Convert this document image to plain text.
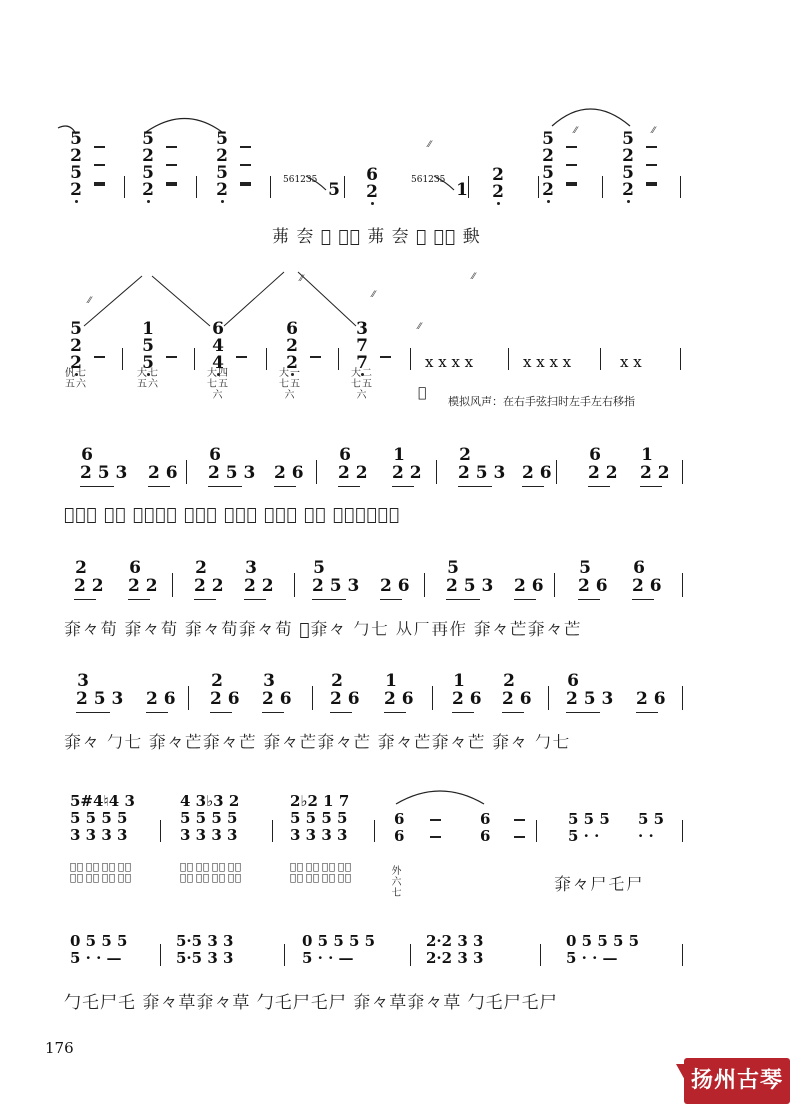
5
2
5
2
5
2
5
2
5
2
5
2
5
2
5
2
5
2
5
2
6
2
2
2
5	1
561235	561235
5
2
2
1
5
5
6
4
4
6
2
2
3
7
7	x x x x	x x x x	x x
𠆩七五六
大七五六
大四七五六
大一七五六
大二七五六
6
2 5 3 2 6
6
2 5 3 2 6
6
2 2
1
2 2
2
2 5 3 2 6
6
2 2
1
2 2
2
2 2
6
2 2
2
2 2
3
2 2
5
2 5 3 2 6
5
2 5 3 2 6
5
2 6
6
2 6
3
2 5 3 2 6
2
2 6
3
2 6
2
2 6
1
2 6
1
2 6
2
2 6
6
2 5 3 2 6
5#4♮4 3
5 5 5 5
3 3 3 3
4 3♭3 2
5 5 5 5
3 3 3 3
2♭2 1 7
5 5 5 5
3 3 3 3
6
6
6
6
5 5 5
5 · ·
5 5
· ·
𡙛七七室
𡙛七七室
𡙛七七室
𡙛七七室
𡙛七七室
𡙛七七室
𡙛七七室
𡙛七七室
𡙛七七室
𡙛七七室
𡙛七七室
𡙛七七室
外六七
0 5 5 5
5 · · —
5·5 3 3
5·5 3 3
0 5 5 5 5
5 · · —
2·2 3 3
2·2 3 3
0 5 5 5 5
5 · · —
⁄⁄
⁄⁄
⁄⁄	⁄⁄
⁄⁄
⁄⁄
⁄⁄
⁄⁄
茀 夽 𡙛 𩇩𠚤 茀 夽 𡙛 𩇩𠚤 𡙇
模拟风声：在右手弦扫时左手左右移指
𡙛
𡙛𩇩𠚤 勹七 从厂再作 𩇩𠚤荀 𩇩𠚤荀 𩇩𠚤𠚤 勹七 𩇩𠚤荀𩇩𠚤荀
𩇩𠚤荀 𩇩𠚤荀 𩇩𠚤荀𩇩𠚤荀 𡙛𩇩𠚤 勹七 从厂再作 𩇩𠚤芒𩇩𠚤芒
𩇩𠚤 勹七 𩇩𠚤芒𩇩𠚤芒 𩇩𠚤芒𩇩𠚤芒 𩇩𠚤芒𩇩𠚤芒 𩇩𠚤 勹七
𩇩𠚤尸乇尸
勹乇尸乇 𩇩𠚤草𩇩𠚤草 勹乇尸乇尸 𩇩𠚤草𩇩𠚤草 勹乇尸乇尸
176
扬州古琴
